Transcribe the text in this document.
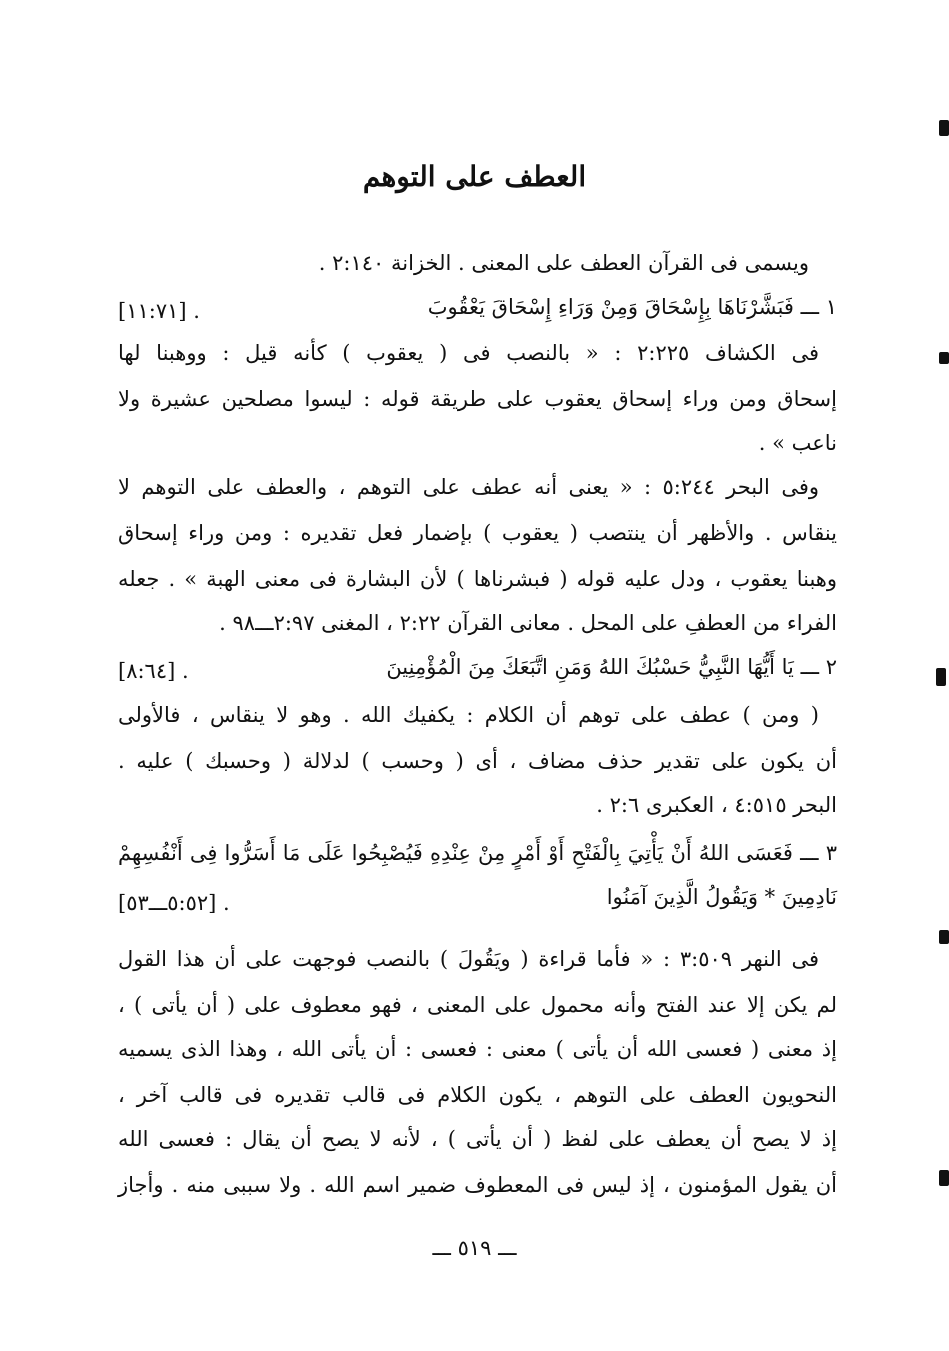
العطف على التوهم
ويسمى فى القرآن العطف على المعنى . الخزانة ٢:١٤٠ .
١ ـــ فَبَشَّرْنَاهَا بِإِسْحَاقَ وَمِنْ وَرَاءِ إِسْحَاقَ يَعْقُوبَ
[١١:٧١] .
فى الكشاف ٢:٢٢٥ : « بالنصب فى ( يعقوب ) كأنه قيل : ووهبنا لها
إسحاق ومن وراء إسحاق يعقوب على طريقة قوله : ليسوا مصلحين عشيرة ولا
ناعب » .
وفى البحر ٥:٢٤٤ : « يعنى أنه عطف على التوهم ، والعطف على التوهم لا
ينقاس . والأظهر أن ينتصب ( يعقوب ) بإضمار فعل تقديره : ومن وراء إسحاق
وهبنا يعقوب ، ودل عليه قوله ( فبشرناها ) لأن البشارة فى معنى الهبة » . جعله
الفراء من العطفِ على المحل . معانى القرآن ٢:٢٢ ، المغنى ٢:٩٧ـــ٩٨ .
٢ ـــ يَا أَيُّهَا النَّبِيُّ حَسْبُكَ اللهُ وَمَنِ اتَّبَعَكَ مِنَ الْمُؤْمِنِينَ
[٨:٦٤] .
( ومن ) عطف على توهم أن الكلام : يكفيك الله . وهو لا ينقاس ، فالأولى
أن يكون على تقدير حذف مضاف ، أى ( وحسب ) لدلالة ( وحسبك ) عليه .
البحر ٤:٥١٥ ، العكبرى ٢:٦ .
٣ ـــ فَعَسَى اللهُ أَنْ يَأْتِيَ بِالْفَتْحِ أَوْ أَمْرٍ مِنْ عِنْدِهِ فَيُصْبِحُوا عَلَى مَا أَسَرُّوا فِى أَنْفُسِهِمْ
نَادِمِينَ * وَيَقُولُ الَّذِينَ آمَنُوا
[٥:٥٢ـــ٥٣] .
فى النهر ٣:٥٠٩ : « فأما قراءة ( ويَقُولَ ) بالنصب فوجهت على أن هذا القول
لم يكن إلا عند الفتح وأنه محمول على المعنى ، فهو معطوف على ( أن يأتى ) ،
إذ معنى ( فعسى الله أن يأتى ) معنى : فعسى : أن يأتى الله ، وهذا الذى يسميه
النحويون العطف على التوهم ، يكون الكلام فى قالب تقديره فى قالب آخر ،
إذ لا يصح أن يعطف على لفظ ( أن يأتى ) ، لأنه لا يصح أن يقال : فعسى الله
أن يقول المؤمنون ، إذ ليس فى المعطوف ضمير اسم الله . ولا سببى منه . وأجاز
ـــ ٥١٩ ـــ
